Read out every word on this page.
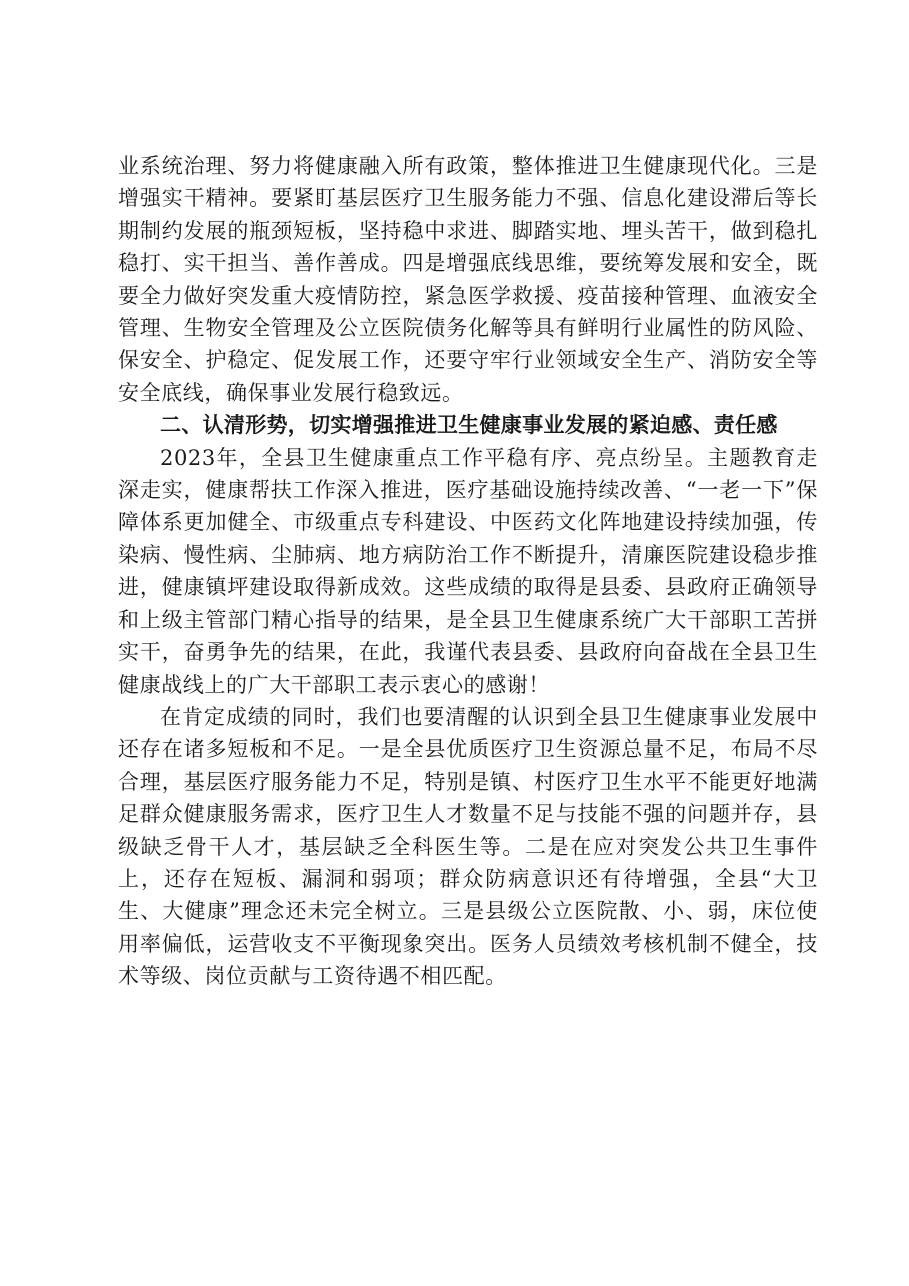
业系统治理、努力将健康融入所有政策，整体推进卫生健康现代化。三是增强实干精神。要紧盯基层医疗卫生服务能力不强、信息化建设滞后等长期制约发展的瓶颈短板，坚持稳中求进、脚踏实地、埋头苦干，做到稳扎稳打、实干担当、善作善成。四是增强底线思维，要统筹发展和安全，既要全力做好突发重大疫情防控，紧急医学救援、疫苗接种管理、血液安全管理、生物安全管理及公立医院债务化解等具有鲜明行业属性的防风险、保安全、护稳定、促发展工作，还要守牢行业领域安全生产、消防安全等安全底线，确保事业发展行稳致远。

二、认清形势，切实增强推进卫生健康事业发展的紧迫感、责任感

2023年，全县卫生健康重点工作平稳有序、亮点纷呈。主题教育走深走实，健康帮扶工作深入推进，医疗基础设施持续改善、“一老一下”保障体系更加健全、市级重点专科建设、中医药文化阵地建设持续加强，传染病、慢性病、尘肺病、地方病防治工作不断提升，清廉医院建设稳步推进，健康镇坪建设取得新成效。这些成绩的取得是县委、县政府正确领导和上级主管部门精心指导的结果，是全县卫生健康系统广大干部职工苦拼实干，奋勇争先的结果，在此，我谨代表县委、县政府向奋战在全县卫生健康战线上的广大干部职工表示衷心的感谢！

在肯定成绩的同时，我们也要清醒的认识到全县卫生健康事业发展中还存在诸多短板和不足。一是全县优质医疗卫生资源总量不足，布局不尽合理，基层医疗服务能力不足，特别是镇、村医疗卫生水平不能更好地满足群众健康服务需求，医疗卫生人才数量不足与技能不强的问题并存，县级缺乏骨干人才，基层缺乏全科医生等。二是在应对突发公共卫生事件上，还存在短板、漏洞和弱项；群众防病意识还有待增强，全县“大卫生、大健康”理念还未完全树立。三是县级公立医院散、小、弱，床位使用率偏低，运营收支不平衡现象突出。医务人员绩效考核机制不健全，技术等级、岗位贡献与工资待遇不相匹配。
